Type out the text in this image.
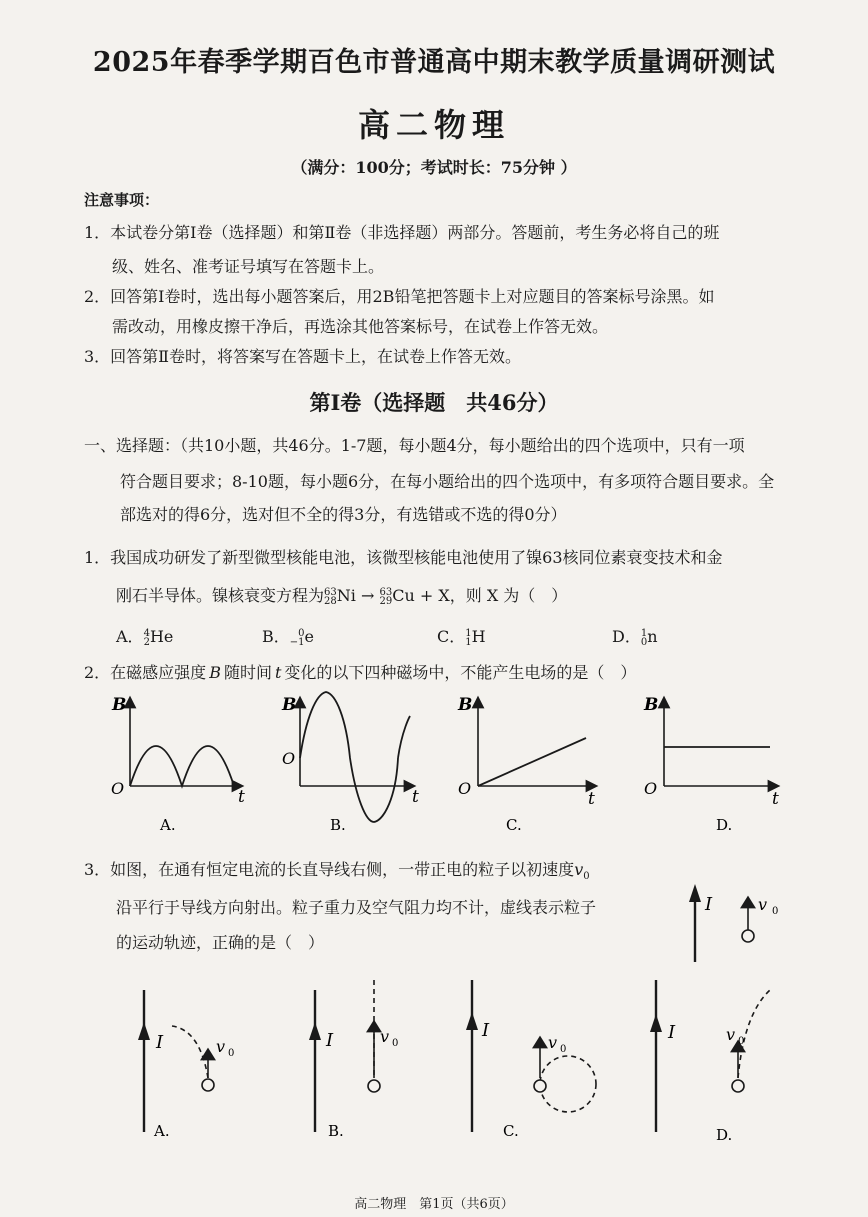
2025年春季学期百色市普通高中期末教学质量调研测试
高二物理
（满分：100分；考试时长：75分钟 ）
注意事项：
1．本试卷分第Ⅰ卷（选择题）和第Ⅱ卷（非选择题）两部分。答题前，考生务必将自己的班
级、姓名、准考证号填写在答题卡上。
2．回答第Ⅰ卷时，选出每小题答案后，用2B铅笔把答题卡上对应题目的答案标号涂黑。如
需改动，用橡皮擦干净后，再选涂其他答案标号，在试卷上作答无效。
3．回答第Ⅱ卷时，将答案写在答题卡上，在试卷上作答无效。
第Ⅰ卷（选择题　共46分）
一、选择题：（共10小题，共46分。1-7题，每小题4分，每小题给出的四个选项中，只有一项
符合题目要求；8-10题，每小题6分，在每小题给出的四个选项中，有多项符合题目要求。全
部选对的得6分，选对但不全的得3分，有选错或不选的得0分）
1．我国成功研发了新型微型核能电池，该微型核能电池使用了镍63核同位素衰变技术和金
刚石半导体。镍核衰变方程为63
28Ni → 63
29Cu + X，则 X 为（　）
A．4
2He	B． 0
−1e	C．1
1H	D．1
0n
2．在磁感应强度 B 随时间 t 变化的以下四种磁场中，不能产生电场的是（　）
B
O	t
A.
B
O
t
B.
B
O
t
C.
B
O
t
D.
3．如图，在通有恒定电流的长直导线右侧，一带正电的粒子以初速度$v_0$
沿平行于导线方向射出。粒子重力及空气阻力均不计，虚线表示粒子
的运动轨迹，正确的是（　）
I	v 0
I	v 0
A.
I	v 0
B.
I
v 0
C.
I	v 0
D.
高二物理　第1页（共6页）
